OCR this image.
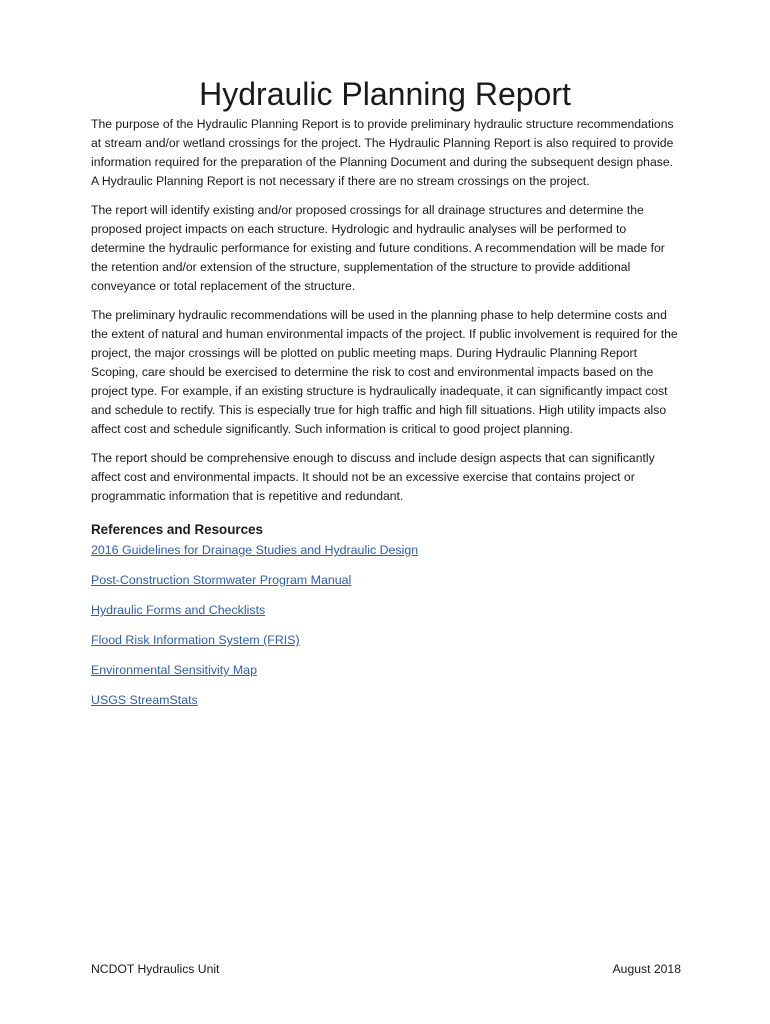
Hydraulic Planning Report

The purpose of the Hydraulic Planning Report is to provide preliminary hydraulic structure recommendations at stream and/or wetland crossings for the project. The Hydraulic Planning Report is also required to provide information required for the preparation of the Planning Document and during the subsequent design phase. A Hydraulic Planning Report is not necessary if there are no stream crossings on the project.

The report will identify existing and/or proposed crossings for all drainage structures and determine the proposed project impacts on each structure. Hydrologic and hydraulic analyses will be performed to determine the hydraulic performance for existing and future conditions. A recommendation will be made for the retention and/or extension of the structure, supplementation of the structure to provide additional conveyance or total replacement of the structure.

The preliminary hydraulic recommendations will be used in the planning phase to help determine costs and the extent of natural and human environmental impacts of the project. If public involvement is required for the project, the major crossings will be plotted on public meeting maps. During Hydraulic Planning Report Scoping, care should be exercised to determine the risk to cost and environmental impacts based on the project type. For example, if an existing structure is hydraulically inadequate, it can significantly impact cost and schedule to rectify. This is especially true for high traffic and high fill situations. High utility impacts also affect cost and schedule significantly. Such information is critical to good project planning.

The report should be comprehensive enough to discuss and include design aspects that can significantly affect cost and environmental impacts. It should not be an excessive exercise that contains project or programmatic information that is repetitive and redundant.

References and Resources
2016 Guidelines for Drainage Studies and Hydraulic Design
Post-Construction Stormwater Program Manual
Hydraulic Forms and Checklists
Flood Risk Information System (FRIS)
Environmental Sensitivity Map
USGS StreamStats
NCDOT Hydraulics Unit	August 2018
